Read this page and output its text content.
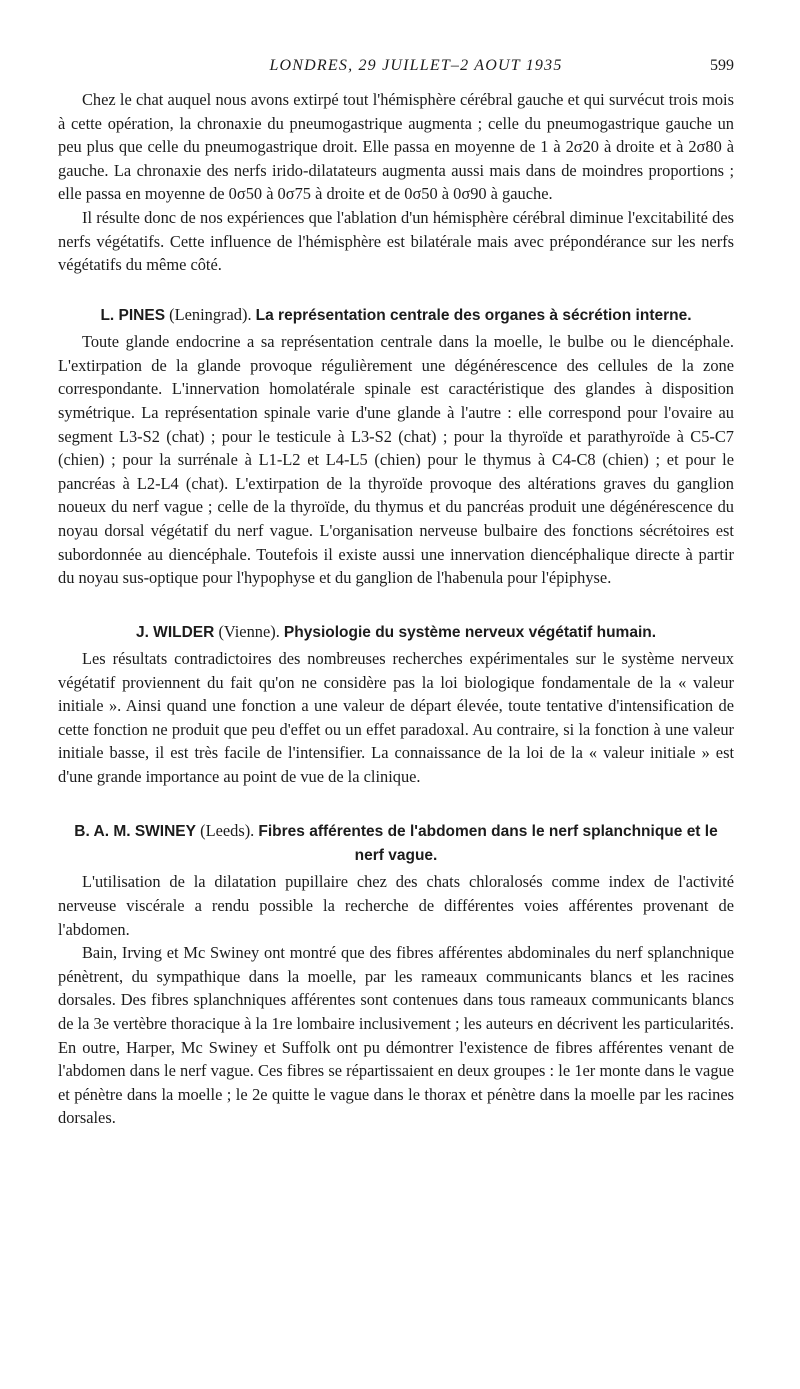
LONDRES, 29 JUILLET–2 AOUT 1935	599

Chez le chat auquel nous avons extirpé tout l'hémisphère cérébral gauche et qui survécut trois mois à cette opération, la chronaxie du pneumogastrique augmenta ; celle du pneumogastrique gauche un peu plus que celle du pneumogastrique droit. Elle passa en moyenne de 1 à 2σ20 à droite et à 2σ80 à gauche. La chronaxie des nerfs irido-dilatateurs augmenta aussi mais dans de moindres proportions ; elle passa en moyenne de 0σ50 à 0σ75 à droite et de 0σ50 à 0σ90 à gauche.

Il résulte donc de nos expériences que l'ablation d'un hémisphère cérébral diminue l'excitabilité des nerfs végétatifs. Cette influence de l'hémisphère est bilatérale mais avec prépondérance sur les nerfs végétatifs du même côté.

L. PINES (Leningrad). La représentation centrale des organes à sécrétion interne.

Toute glande endocrine a sa représentation centrale dans la moelle, le bulbe ou le diencéphale. L'extirpation de la glande provoque régulièrement une dégénérescence des cellules de la zone correspondante. L'innervation homolatérale spinale est caractéristique des glandes à disposition symétrique. La représentation spinale varie d'une glande à l'autre : elle correspond pour l'ovaire au segment L3-S2 (chat) ; pour le testicule à L3-S2 (chat) ; pour la thyroïde et parathyroïde à C5-C7 (chien) ; pour la surrénale à L1-L2 et L4-L5 (chien) pour le thymus à C4-C8 (chien) ; et pour le pancréas à L2-L4 (chat). L'extirpation de la thyroïde provoque des altérations graves du ganglion noueux du nerf vague ; celle de la thyroïde, du thymus et du pancréas produit une dégénérescence du noyau dorsal végétatif du nerf vague. L'organisation nerveuse bulbaire des fonctions sécrétoires est subordonnée au diencéphale. Toutefois il existe aussi une innervation diencéphalique directe à partir du noyau sus-optique pour l'hypophyse et du ganglion de l'habenula pour l'épiphyse.

J. WILDER (Vienne). Physiologie du système nerveux végétatif humain.

Les résultats contradictoires des nombreuses recherches expérimentales sur le système nerveux végétatif proviennent du fait qu'on ne considère pas la loi biologique fondamentale de la « valeur initiale ». Ainsi quand une fonction a une valeur de départ élevée, toute tentative d'intensification de cette fonction ne produit que peu d'effet ou un effet paradoxal. Au contraire, si la fonction à une valeur initiale basse, il est très facile de l'intensifier. La connaissance de la loi de la « valeur initiale » est d'une grande importance au point de vue de la clinique.

B. A. M. SWINEY (Leeds). Fibres afférentes de l'abdomen dans le nerf splanchnique et le nerf vague.

L'utilisation de la dilatation pupillaire chez des chats chloralosés comme index de l'activité nerveuse viscérale a rendu possible la recherche de différentes voies afférentes provenant de l'abdomen.

Bain, Irving et Mc Swiney ont montré que des fibres afférentes abdominales du nerf splanchnique pénètrent, du sympathique dans la moelle, par les rameaux communicants blancs et les racines dorsales. Des fibres splanchniques afférentes sont contenues dans tous rameaux communicants blancs de la 3e vertèbre thoracique à la 1re lombaire inclusivement ; les auteurs en décrivent les particularités. En outre, Harper, Mc Swiney et Suffolk ont pu démontrer l'existence de fibres afférentes venant de l'abdomen dans le nerf vague. Ces fibres se répartissaient en deux groupes : le 1er monte dans le vague et pénètre dans la moelle ; le 2e quitte le vague dans le thorax et pénètre dans la moelle par les racines dorsales.
